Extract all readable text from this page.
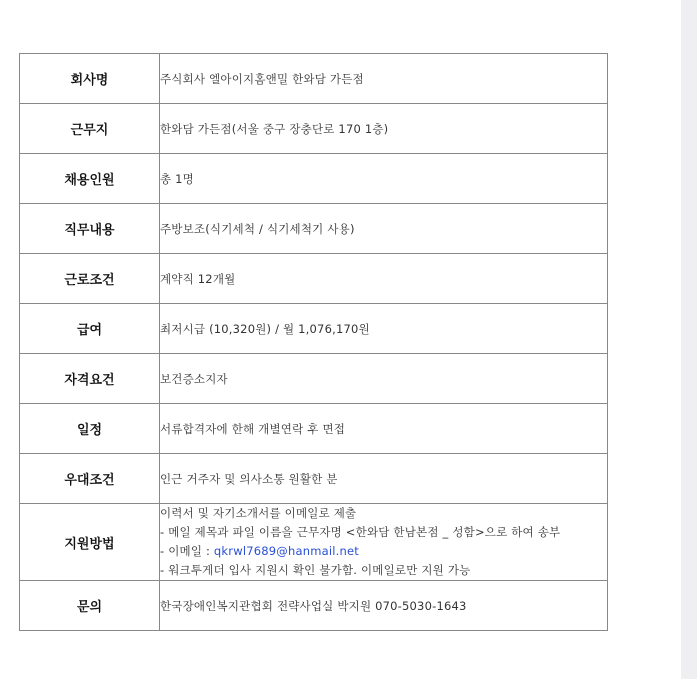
회사명	주식회사 엘아이지홈앤밀 한와담 가든점
근무지	한와담 가든점(서울 중구 장충단로 170 1층)
채용인원	총 1명
직무내용	주방보조(식기세척 / 식기세척기 사용)
근로조건	계약직 12개월
급여	최저시급 (10,320원) / 월 1,076,170원
자격요건	보건증소지자
일정	서류합격자에 한해 개별연락 후 면접
우대조건	인근 거주자 및 의사소통 원활한 분
지원방법	이력서 및 자기소개서를 이메일로 제출
- 메일 제목과 파일 이름을 근무자명 <한와담 한남본점 _ 성함>으로 하여 송부
- 이메일 : qkrwl7689@hanmail.net
- 워크투게더 입사 지원시 확인 불가함. 이메일로만 지원 가능

문의	한국장애인복지관협회 전략사업실 박지원 070-5030-1643
